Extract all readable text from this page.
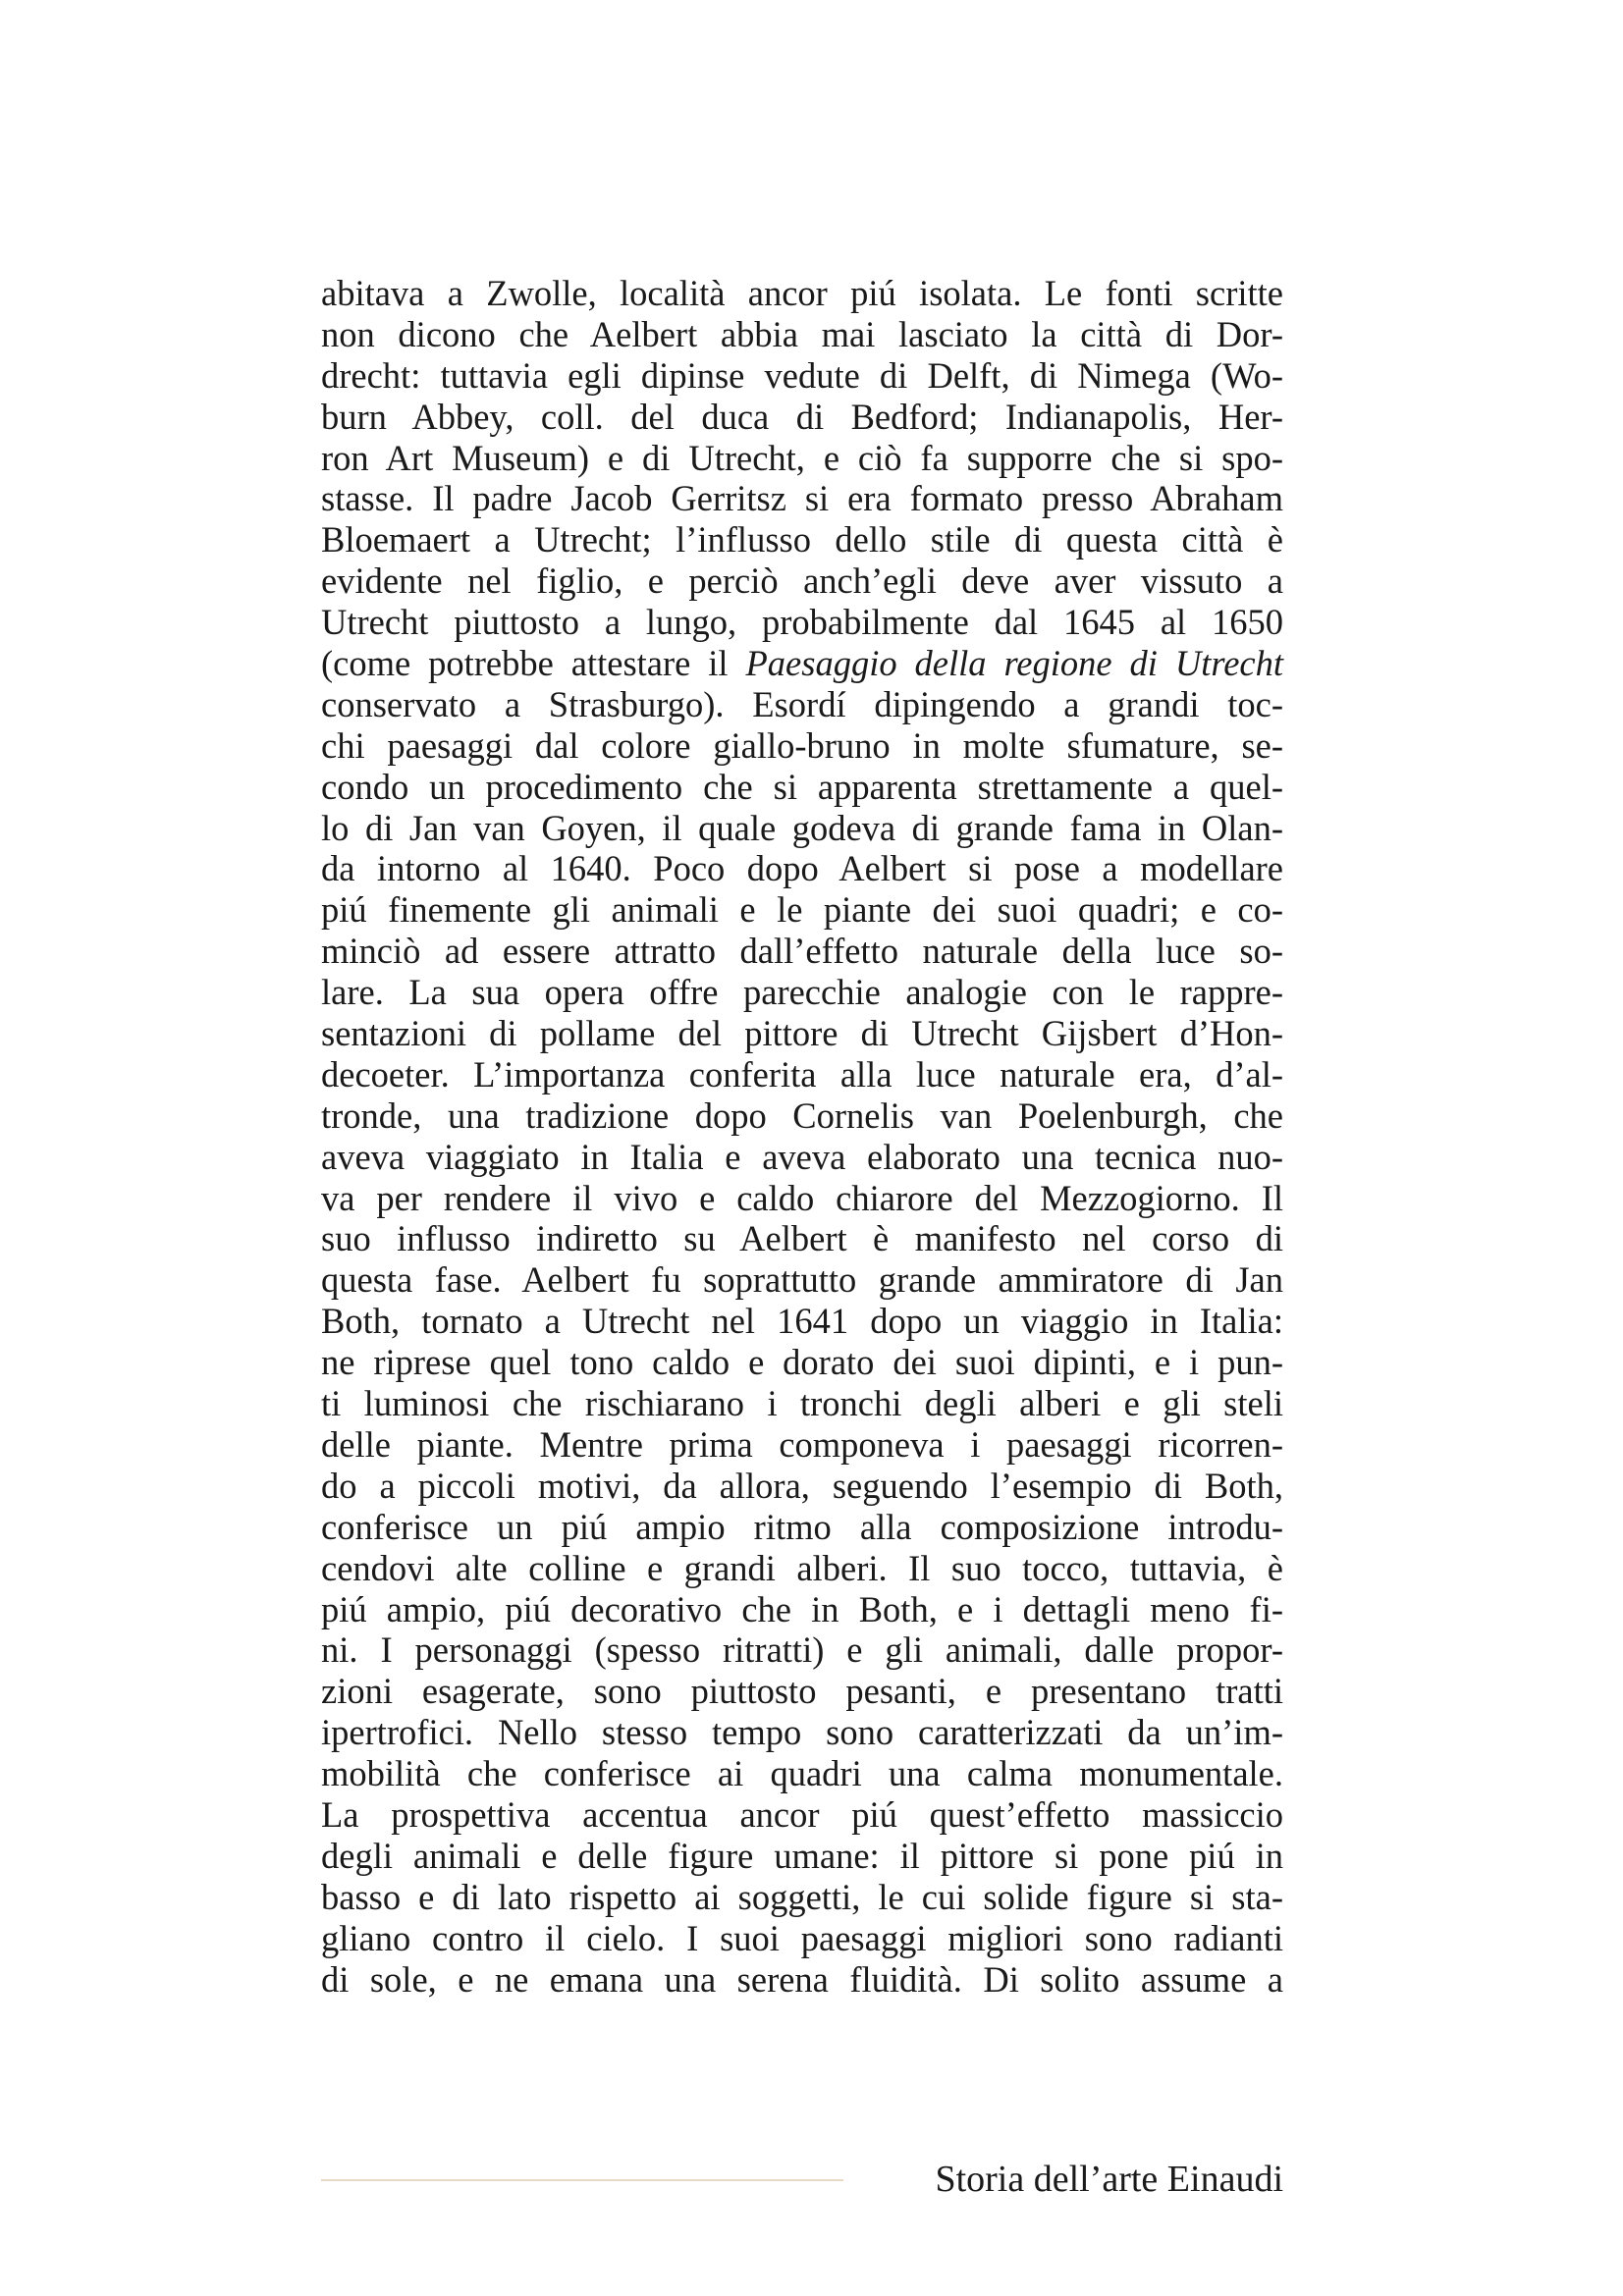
abitava a Zwolle, località ancor piú isolata. Le fonti scritte
non dicono che Aelbert abbia mai lasciato la città di Dor-
drecht: tuttavia egli dipinse vedute di Delft, di Nimega (Wo-
burn Abbey, coll. del duca di Bedford; Indianapolis, Her-
ron Art Museum) e di Utrecht, e ciò fa supporre che si spo-
stasse. Il padre Jacob Gerritsz si era formato presso Abraham
Bloemaert a Utrecht; l’influsso dello stile di questa città è
evidente nel figlio, e perciò anch’egli deve aver vissuto a
Utrecht piuttosto a lungo, probabilmente dal 1645 al 1650
(come potrebbe attestare il Paesaggio della regione di Utrecht
conservato a Strasburgo). Esordí dipingendo a grandi toc-
chi paesaggi dal colore giallo-bruno in molte sfumature, se-
condo un procedimento che si apparenta strettamente a quel-
lo di Jan van Goyen, il quale godeva di grande fama in Olan-
da intorno al 1640. Poco dopo Aelbert si pose a modellare
piú finemente gli animali e le piante dei suoi quadri; e co-
minciò ad essere attratto dall’effetto naturale della luce so-
lare. La sua opera offre parecchie analogie con le rappre-
sentazioni di pollame del pittore di Utrecht Gijsbert d’Hon-
decoeter. L’importanza conferita alla luce naturale era, d’al-
tronde, una tradizione dopo Cornelis van Poelenburgh, che
aveva viaggiato in Italia e aveva elaborato una tecnica nuo-
va per rendere il vivo e caldo chiarore del Mezzogiorno. Il
suo influsso indiretto su Aelbert è manifesto nel corso di
questa fase. Aelbert fu soprattutto grande ammiratore di Jan
Both, tornato a Utrecht nel 1641 dopo un viaggio in Italia:
ne riprese quel tono caldo e dorato dei suoi dipinti, e i pun-
ti luminosi che rischiarano i tronchi degli alberi e gli steli
delle piante. Mentre prima componeva i paesaggi ricorren-
do a piccoli motivi, da allora, seguendo l’esempio di Both,
conferisce un piú ampio ritmo alla composizione introdu-
cendovi alte colline e grandi alberi. Il suo tocco, tuttavia, è
piú ampio, piú decorativo che in Both, e i dettagli meno fi-
ni. I personaggi (spesso ritratti) e gli animali, dalle propor-
zioni esagerate, sono piuttosto pesanti, e presentano tratti
ipertrofici. Nello stesso tempo sono caratterizzati da un’im-
mobilità che conferisce ai quadri una calma monumentale.
La prospettiva accentua ancor piú quest’effetto massiccio
degli animali e delle figure umane: il pittore si pone piú in
basso e di lato rispetto ai soggetti, le cui solide figure si sta-
gliano contro il cielo. I suoi paesaggi migliori sono radianti
di sole, e ne emana una serena fluidità. Di solito assume a
Storia dell’arte Einaudi
